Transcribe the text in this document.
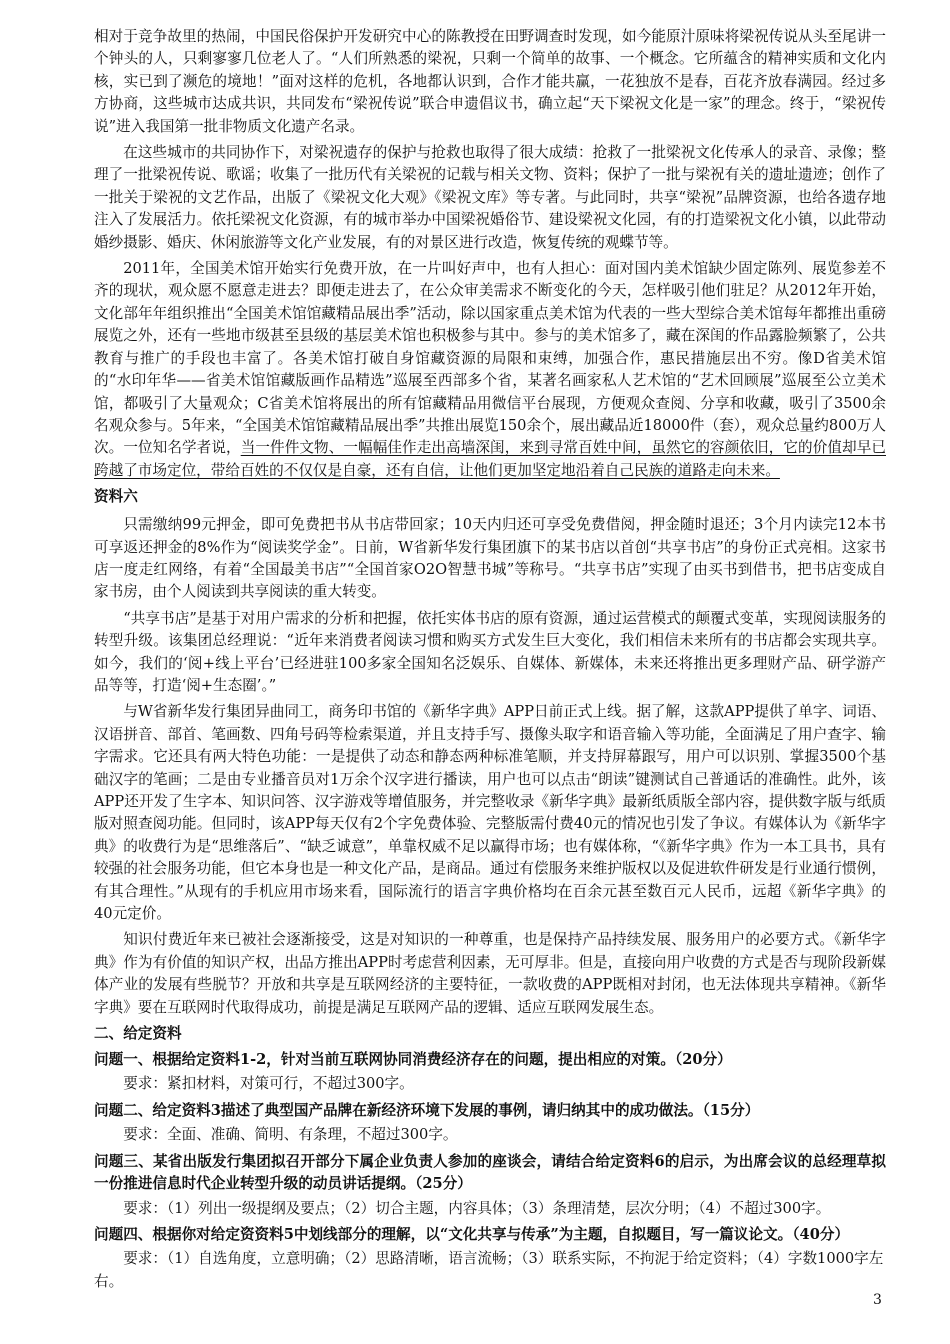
相对于竞争故里的热闹，中国民俗保护开发研究中心的陈教授在田野调查时发现，如今能原汁原味将梁祝传说从头至尾讲一个钟头的人，只剩寥寥几位老人了。“人们所熟悉的梁祝，只剩一个简单的故事、一个概念。它所蕴含的精神实质和文化内核，实已到了濒危的境地！”面对这样的危机，各地都认识到，合作才能共赢，一花独放不是春，百花齐放春满园。经过多方协商，这些城市达成共识，共同发布“梁祝传说”联合申遗倡议书，确立起“天下梁祝文化是一家”的理念。终于，“梁祝传说”进入我国第一批非物质文化遗产名录。

在这些城市的共同协作下，对梁祝遗存的保护与抢救也取得了很大成绩：抢救了一批梁祝文化传承人的录音、录像；整理了一批梁祝传说、歌谣；收集了一批历代有关梁祝的记载与相关文物、资料；保护了一批与梁祝有关的遗址遗迹；创作了一批关于梁祝的文艺作品，出版了《梁祝文化大观》《梁祝文库》等专著。与此同时，共享“梁祝”品牌资源，也给各遗存地注入了发展活力。依托梁祝文化资源，有的城市举办中国梁祝婚俗节、建设梁祝文化园，有的打造梁祝文化小镇，以此带动婚纱摄影、婚庆、休闲旅游等文化产业发展，有的对景区进行改造，恢复传统的观蝶节等。

2011年，全国美术馆开始实行免费开放，在一片叫好声中，也有人担心：面对国内美术馆缺少固定陈列、展览参差不齐的现状，观众愿不愿意走进去？即便走进去了，在公众审美需求不断变化的今天，怎样吸引他们驻足？从2012年开始，文化部年年组织推出“全国美术馆馆藏精品展出季”活动，除以国家重点美术馆为代表的一些大型综合美术馆每年都推出重磅展览之外，还有一些地市级甚至县级的基层美术馆也积极参与其中。参与的美术馆多了，藏在深闺的作品露脸频繁了，公共教育与推广的手段也丰富了。各美术馆打破自身馆藏资源的局限和束缚，加强合作，惠民措施层出不穷。像D省美术馆的“水印年华——省美术馆馆藏版画作品精选”巡展至西部多个省，某著名画家私人艺术馆的“艺术回顾展”巡展至公立美术馆，都吸引了大量观众；C省美术馆将展出的所有馆藏精品用微信平台展现，方便观众查阅、分享和收藏，吸引了3500余名观众参与。5年来，“全国美术馆馆藏精品展出季”共推出展览150余个，展出藏品近18000件（套），观众总量约800万人次。一位知名学者说，当一件件文物、一幅幅佳作走出高墙深闺，来到寻常百姓中间，虽然它的容颜依旧，它的价值却早已跨越了市场定位，带给百姓的不仅仅是自豪，还有自信，让他们更加坚定地沿着自己民族的道路走向未来。

资料六

只需缴纳99元押金，即可免费把书从书店带回家；10天内归还可享受免费借阅，押金随时退还；3个月内读完12本书可享返还押金的8%作为“阅读奖学金”。日前，W省新华发行集团旗下的某书店以首创“共享书店”的身份正式亮相。这家书店一度走红网络，有着“全国最美书店”“全国首家O2O智慧书城”等称号。“共享书店”实现了由买书到借书，把书店变成自家书房，由个人阅读到共享阅读的重大转变。

“共享书店”是基于对用户需求的分析和把握，依托实体书店的原有资源，通过运营模式的颠覆式变革，实现阅读服务的转型升级。该集团总经理说：“近年来消费者阅读习惯和购买方式发生巨大变化，我们相信未来所有的书店都会实现共享。如今，我们的‘阅+线上平台’已经进驻100多家全国知名泛娱乐、自媒体、新媒体，未来还将推出更多理财产品、研学游产品等等，打造‘阅+生态圈’。”

与W省新华发行集团异曲同工，商务印书馆的《新华字典》APP日前正式上线。据了解，这款APP提供了单字、词语、汉语拼音、部首、笔画数、四角号码等检索渠道，并且支持手写、摄像头取字和语音输入等功能，全面满足了用户查字、输字需求。它还具有两大特色功能：一是提供了动态和静态两种标准笔顺，并支持屏幕跟写，用户可以识别、掌握3500个基础汉字的笔画；二是由专业播音员对1万余个汉字进行播读，用户也可以点击“朗读”键测试自己普通话的准确性。此外，该APP还开发了生字本、知识问答、汉字游戏等增值服务，并完整收录《新华字典》最新纸质版全部内容，提供数字版与纸质版对照查阅功能。但同时，该APP每天仅有2个字免费体验、完整版需付费40元的情况也引发了争议。有媒体认为《新华字典》的收费行为是“思维落后”、“缺乏诚意”，单靠权威不足以赢得市场；也有媒体称，“《新华字典》作为一本工具书，具有较强的社会服务功能，但它本身也是一种文化产品，是商品。通过有偿服务来维护版权以及促进软件研发是行业通行惯例，有其合理性。”从现有的手机应用市场来看，国际流行的语言字典价格均在百余元甚至数百元人民币，远超《新华字典》的40元定价。

知识付费近年来已被社会逐渐接受，这是对知识的一种尊重，也是保持产品持续发展、服务用户的必要方式。《新华字典》作为有价值的知识产权，出品方推出APP时考虑营利因素，无可厚非。但是，直接向用户收费的方式是否与现阶段新媒体产业的发展有些脱节？开放和共享是互联网经济的主要特征，一款收费的APP既相对封闭，也无法体现共享精神。《新华字典》要在互联网时代取得成功，前提是满足互联网产品的逻辑、适应互联网发展生态。

二、给定资料
问题一、根据给定资料1-2，针对当前互联网协同消费经济存在的问题，提出相应的对策。（20分）
要求：紧扣材料，对策可行，不超过300字。
问题二、给定资料3描述了典型国产品牌在新经济环境下发展的事例，请归纳其中的成功做法。（15分）
要求：全面、准确、简明、有条理，不超过300字。
问题三、某省出版发行集团拟召开部分下属企业负责人参加的座谈会，请结合给定资料6的启示，为出席会议的总经理草拟一份推进信息时代企业转型升级的动员讲话提纲。（25分）
要求：（1）列出一级提纲及要点；（2）切合主题，内容具体；（3）条理清楚，层次分明；（4）不超过300字。
问题四、根据你对给定资资料5中划线部分的理解，以“文化共享与传承”为主题，自拟题目，写一篇议论文。（40分）
要求：（1）自选角度，立意明确；（2）思路清晰，语言流畅；（3）联系实际，不拘泥于给定资料；（4）字数1000字左右。
3
